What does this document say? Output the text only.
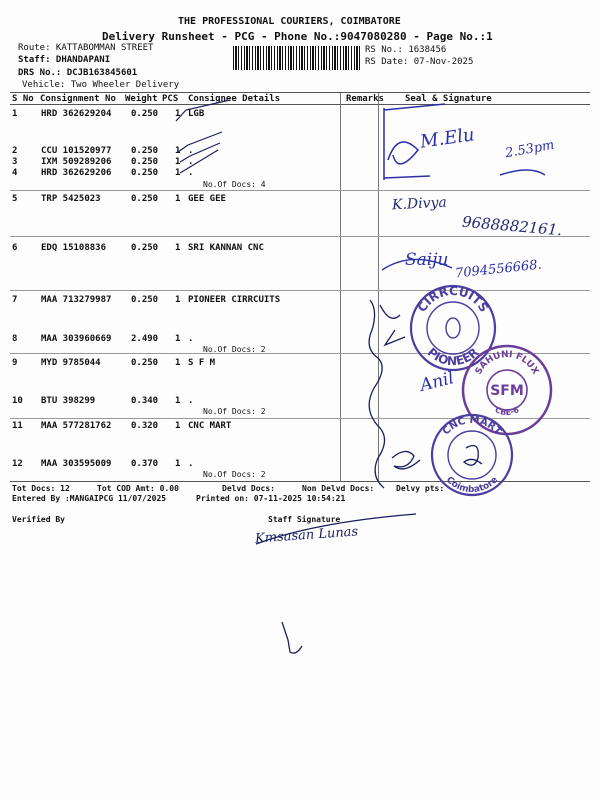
THE PROFESSIONAL COURIERS, COIMBATORE
Delivery Runsheet - PCG - Phone No.:9047080280 - Page No.:1
Route: KATTABOMMAN STREET
Staff: DHANDAPANI
DRS No.: DCJB163845601
Vehicle: Two Wheeler Delivery
RS No.: 1638456
RS Date: 07-Nov-2025
S No Consignment No Weight PCS Consignee Details	Remarks Seal & Signature
1	HRD 362629204 0.250 1 LGB
2	CCU 101520977 0.250 1 .
3	IXM 509289206 0.250 1 .
4	HRD 362629206 0.250 1 .
No.Of Docs: 4
5	TRP 5425023	0.250 1 GEE GEE
6	EDQ 15108836	0.250 1 SRI KANNAN CNC
7	MAA 713279987 0.250 1 PIONEER CIRRCUITS
8	MAA 303960669 2.490 1 .
No.Of Docs: 2
9	MYD 9785044	0.250 1 S F M
10 BTU 398299	0.340 1 .
No.Of Docs: 2
11 MAA 577281762 0.320 1 CNC MART
12 MAA 303595009 0.370 1 .
No.Of Docs: 2
Tot Docs: 12	Tot COD Amt: 0.00	Delvd Docs:	Non Delvd Docs:	Delvy pts:
Entered By :MANGAIPCG 11/07/2025	Printed on: 07-11-2025 10:54:21
Verified By	Staff Signature
M.Elu 2.53pm
K.Divya
9688882161.
Saiju 7094556668.
Anil
Kmsasan Lunas
CIRRCUITS
PIONEER
SFM
SAHUNI FLUX
CBE-6
CNC MART
Coimbatore
